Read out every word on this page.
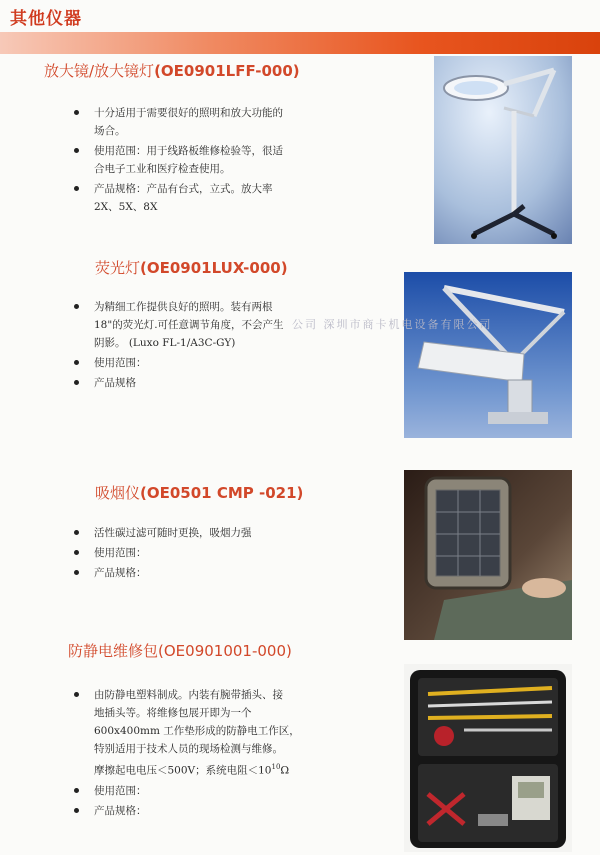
其他仪器
放大镜/放大镜灯(OE0901LFF-000)
十分适用于需要很好的照明和放大功能的
场合。
使用范围：用于线路板维修检验等，很适
合电子工业和医疗检查使用。
产品规格：产品有台式，立式。放大率
2X、5X、8X
荧光灯(OE0901LUX-000)
为精细工作提供良好的照明。装有两根
18"的荧光灯.可任意调节角度，不会产生
阴影。 (Luxo FL-1/A3C-GY)
使用范围：
产品规格
公司 深圳市商卡机电设备有限公司
吸烟仪(OE0501 CMP -021)
活性碳过滤可随时更换，吸烟力强
使用范围：
产品规格：
防静电维修包(OE0901001-000)
由防静电塑料制成。内装有腕带插头、接
地插头等。将维修包展开即为一个
600x400mm 工作垫形成的防静电工作区，
特别适用于技术人员的现场检测与维修。
摩擦起电电压＜500V；系统电阻$<10^{10}\Omega$
使用范围：
产品规格：
